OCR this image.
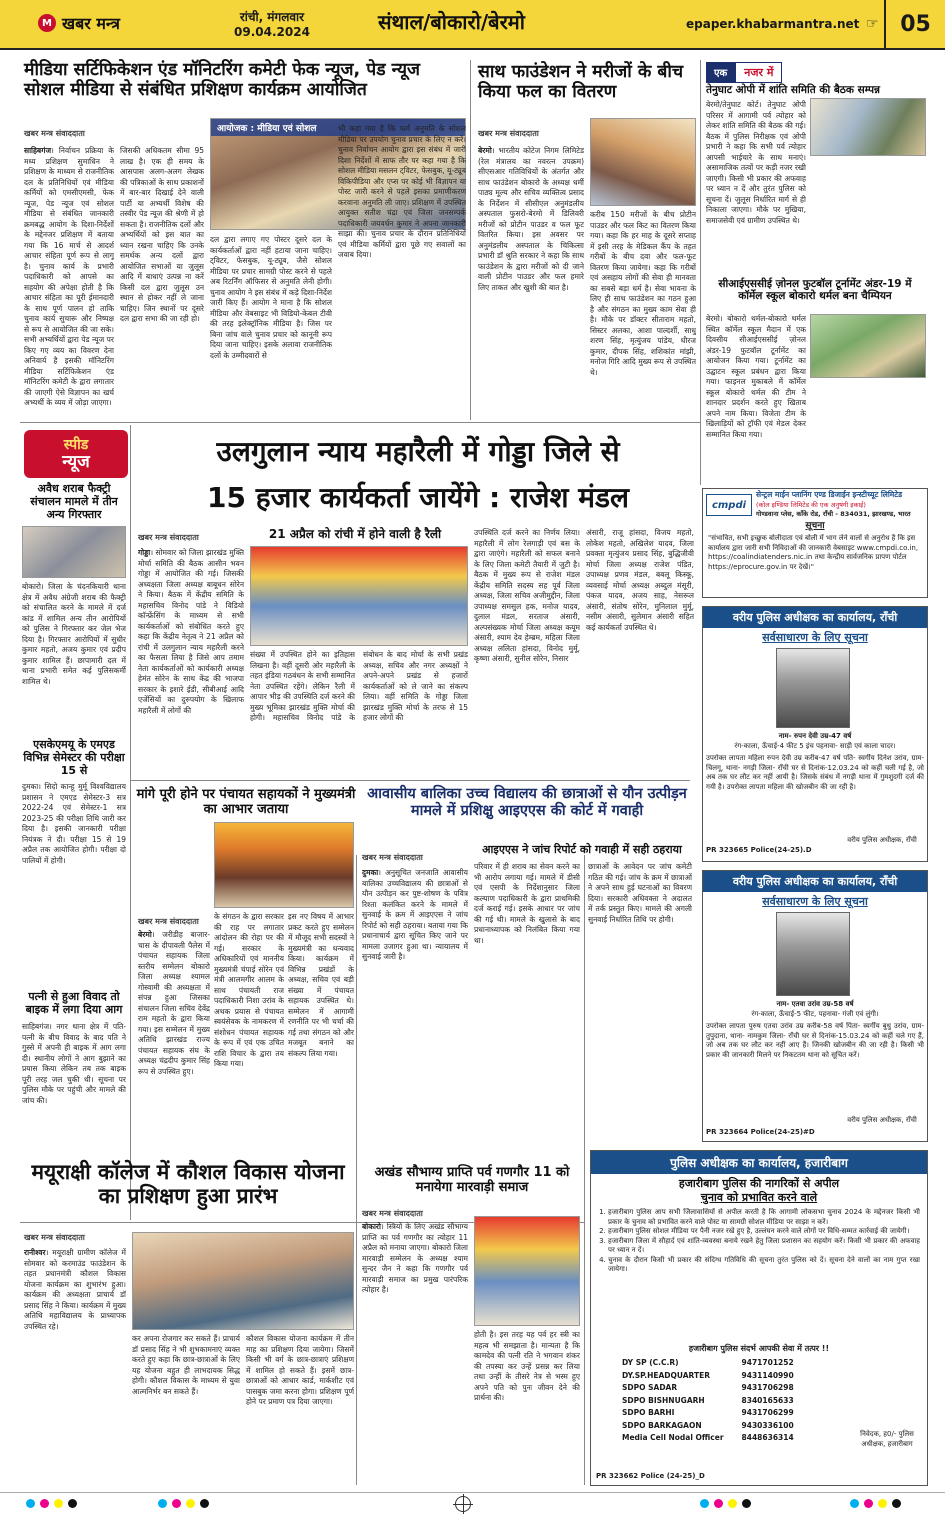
M खबर मन्त्र	रांची, मंगलवार
09.04.2024	संथाल/बोकारो/बेरमो	epaper.khabarmantra.net ☞ 05
मीडिया सर्टिफिकेशन एंड मॉनिटरिंग कमेटी फेक न्यूज, पेड न्यूज सोशल मीडिया से संबंधित प्रशिक्षण कार्यक्रम आयोजित
खबर मन्त्र संवाददाता	आयोजक : मीडिया एवं सोशल
साहिबगंज। निर्वाचन प्रक्रिया के मध्य प्रशिक्षण सुमाधिन ने प्रशिक्षण के माध्यम से राजनीतिक दल के प्रतिनिधियों एवं मीडिया कर्मियों को एमसीएमसी, फेक न्यूज, पेड न्यूज एवं सोशल मीडिया से संबंधित जानकारी क्रमबद्ध आयोग के दिशा-निर्देशों के मद्देनजर प्रशिक्षण में बताया गया कि 16 मार्च से आदर्श आचार संहिता पूर्ण रूप से लागू है। चुनाव कार्य के प्रभारी पदाधिकारी को आपसे का सहयोग की अपेक्षा होती है कि आचार संहिता का पूरी ईमानदारी के साथ पूर्ण पालन हो ताकि चुनाव कार्य सुचारू और निष्पक्ष से रूप से आयोजित की जा सके। सभी अभ्यर्थियों द्वारा पेड न्यूज पर किए गए व्यय का विवरण देना अनिवार्य है इसकी मॉनिटरिंग मीडिया सर्टिफिकेशन एंड मॉनिटरिंग कमेटी के द्वारा लगातार की जाएगी ऐसे विज्ञापन का खर्च अभ्यर्थी के व्यय में जोड़ा जाएगा।
जिसकी अधिकतम सीमा 95 लाख है। एक ही समय के आसपास अलग-अलग लेखक की पत्रिकाओं के साथ प्रकाशनों में बार-बार दिखाई देने वाली पार्टी या अभ्यर्थी विशेष की तस्वीर पेड न्यूज की श्रेणी में हो सकता है। राजनीतिक दलों और अभ्यर्थियों को इस बात का ध्यान रखना चाहिए कि उनके समर्थक अन्य दलों द्वारा आयोजित सभाओं या जुलूस आदि में बाधाएं उत्पन्न ना करें किसी दल द्वारा जुलूस उन स्थान से होकर नहीं ले जाना चाहिए। जिन स्थानों पर दूसरे दल द्वारा सभा की जा रही हो।
दल द्वारा लगाए गए पोस्टर दूसरे दल के कार्यकर्ताओं द्वारा नहीं हटाया जाना चाहिए। ट्विटर, फेसबुक, यू-ट्यूब, जैसे सोशल मीडिया पर प्रचार सामग्री पोस्ट करने से पहले अब रिटर्निंग ऑफिसर से अनुमति लेनी होगी। चुनाव आयोग ने इस संबंध में कड़े दिशा-निर्देश जारी किए हैं। आयोग ने माना है कि सोशल मीडिया और वेबसाइट भी विडियो-केबल टीवी की तरह इलेक्ट्रॉनिक मीडिया है। जिस पर बिना जांच वाले चुनाव प्रचार को कानूनी रूप दिया जाना चाहिए। इसके अलावा राजनीतिक दलों के उम्मीदवारों से
भी कहा गया है कि फर्म अनुमति के सोशल मीडिया पर उपयोग चुनाव प्रचार के लिए न करें। चुनाव निर्वाचन आयोग द्वारा इस संबंध में जारी दिशा निर्देशों में साफ तौर पर कहा गया है कि सोशल मीडिया मसलन ट्विटर, फेसबुक, यू-ट्यूब विकिपीडिया और एप्स पर कोई भी विज्ञापन या पोस्ट जारी करने से पहले इसका प्रमाणीकरण करवाना अनुमति ली जाए। प्रशिक्षण में उपस्थित आयुक्त सतीश चंद्रा एवं जिला जनसम्पर्क पदाधिकारी जयवर्धन कुमार ने अपना जानकारी साझा की। चुनाव प्रचार के दौरान प्रतिनिधियों एवं मीडिया कर्मियों द्वारा पूछे गए सवालों का जवाब दिया।
साथ फाउंडेशन ने मरीजों के बीच किया फल का वितरण
खबर मन्त्र संवाददाता
बेरमो। भारतीय कोटेज निगम लिमिटेड (रेल मंत्रालय का नवरत्न उपक्रम) सीएसआर गतिविधियों के अंतर्गत और साथ फाउंडेशन बोकारो के अध्यक्ष धर्मी पाठ्य मूल्य और सचिव व्यक्तित्व प्रसाद के निर्देशन में सीसीएल अनुमंडलीय अस्पताल फुसरो-बेरमो में डिलिवरी मरीजों को प्रोटीन पाउडर व फल फूट वितरित किया। इस अवसर पर अनुमंडलीय अस्पताल के चिकित्सा प्रभारी डॉ श्रुति सरकार ने कहा कि साथ फाउंडेशन के द्वारा मरीजों को दी जाने वाली प्रोटीन पाउडर और फल हमारे लिए ताकत और खुशी की बात है।
करीब 150 मरीजों के बीच प्रोटीन पाउडर और फल किट का वितरण किया गया। कहा कि हर माह के दूसरे सप्ताह में इसी तरह के मेडिकल कैंप के तहत गरीबों के बीच दवा और फल-फूट वितरण किया जायेगा। कहा कि गरीबों एवं असहाय लोगों की सेवा ही मानवता का सबसे बड़ा धर्म है। सेवा भावना के लिए ही साथ फाउंडेशन का गठन हुआ है और संगठन का मुख्य काम सेवा ही है। मौके पर डॉक्टर सीताराम महतो, सिस्टर अलका, आशा पाल्दर्शी, साधु शरण सिंह, मृत्युंजय पांडेय, धीरज कुमार, दीपक सिंह, शशिकांत मांझी, मनोज गिरि आदि मुख्य रूप से उपस्थित थे।
एक	नजर में
तेनुघाट ओपी में शांति समिति की बैठक सम्पन्न
बेरमो/तेनुघाट कोर्ट। तेनुघाट ओपी परिसर में आगामी पर्व त्योहार को लेकर शांति समिति की बैठक की गई। बैठक में पुलिस निरीक्षक एवं ओपी प्रभारी ने कहा कि सभी पर्व त्योहार आपसी भाईचारे के साथ मनाएं। असामाजिक तत्वों पर कड़ी नजर रखी जाएगी। किसी भी प्रकार की अफवाह पर ध्यान न दें और तुरंत पुलिस को सूचना दें। जुलूस निर्धारित मार्ग से ही निकाला जाएगा। मौके पर मुखिया, समाजसेवी एवं ग्रामीण उपस्थित थे।
सीआईएससीई ज़ोनल फुटबॉल टूर्नामेंट अंडर-19 में कॉर्मेल स्कूल बोकारो थर्मल बना चैम्पियन
बेरमो। बोकारो थर्मल-बोकारो थर्मल स्थित कॉर्मेल स्कूल मैदान में एक दिवसीय सीआईएससीई ज़ोनल अंडर-19 फुटबॉल टूर्नामेंट का आयोजन किया गया। टूर्नामेंट का उद्घाटन स्कूल प्रबंधन द्वारा किया गया। फाइनल मुकाबले में कॉर्मेल स्कूल बोकारो थर्मल की टीम ने शानदार प्रदर्शन करते हुए खिताब अपने नाम किया। विजेता टीम के खिलाड़ियों को ट्रॉफी एवं मेडल देकर सम्मानित किया गया।
स्पीड
न्यूज
अवैध शराब फैक्ट्री संचालन मामले में तीन अन्य गिरफ्तार
बोकारो। जिला के चंदनकियारी थाना क्षेत्र में अवैध अंग्रेजी शराब की फैक्ट्री को संचालित करने के मामले में दर्ज कांड में शामिल अन्य तीन आरोपियों को पुलिस ने गिरफ्तार कर जेल भेज दिया है। गिरफ्तार आरोपियों में सुधीर कुमार महतो, अजय कुमार एवं प्रदीप कुमार शामिल हैं। छापामारी दल में थाना प्रभारी समेत कई पुलिसकर्मी शामिल थे।
एसकेएमयू के एमएड विभिन्न सेमेस्टर की परीक्षा 15 से
दुमका। सिदो कान्हू मुर्मू विश्वविद्यालय प्रशासन ने एमएड सेमेस्टर-3 सत्र 2022-24 एवं सेमेस्टर-1 सत्र 2023-25 की परीक्षा तिथि जारी कर दिया है। इसकी जानकारी परीक्षा नियंत्रक ने दी। परीक्षा 15 से 19 अप्रैल तक आयोजित होगी। परीक्षा दो पालियों में होगी।
पत्नी से हुआ विवाद तो बाइक में लगा दिया आग
साहिबगंज। नगर थाना क्षेत्र में पति-पत्नी के बीच विवाद के बाद पति ने गुस्से में अपनी ही बाइक में आग लगा दी। स्थानीय लोगों ने आग बुझाने का प्रयास किया लेकिन तब तक बाइक पूरी तरह जल चुकी थी। सूचना पर पुलिस मौके पर पहुंची और मामले की जांच की।
उलगुलान न्याय महारैली में गोड्डा जिले से
15 हजार कार्यकर्ता जायेंगे : राजेश मंडल
खबर मन्त्र संवाददाता	21 अप्रैल को रांची में होने वाली है रैली
गोड्डा। सोमवार को जिला झारखंड मुक्ति मोर्चा समिति की बैठक आसीन भवन गोड्डा में आयोजित की गई। जिसकी अध्यक्षता जिला अध्यक्ष बाबूधन सोरेन ने किया। बैठक में केंद्रीय समिति के महासचिव विनोद पांडे ने विडियो कॉन्फ्रेंसिंग के माध्यम से सभी कार्यकर्ताओं को संबोधित करते हुए कहा कि केंद्रीय नेतृत्व ने 21 अप्रैल को रांची में उलगुलान न्याय महारैली करने का फैसला लिया है जिसे आप तमाम नेता कार्यकर्ताओं को कार्यकारी अध्यक्ष हेमंत सोरेन के साथ केंद्र की भाजपा सरकार के इशारे ईडी, सीबीआई आदि एजेंसियों का दुरुपयोग के खिलाफ महारैली में लोगों की
संख्या में उपस्थित होने का इतिहास लिखना है। वहीं दूसरी ओर महारैली के तहत इंडिया गठबंधन के सभी सम्मानित नेता उपस्थित रहेंगे। लेकिन रैली में आपार भीड़ की उपस्थिति दर्ज करने की मुख्य भूमिका झारखंड मुक्ति मोर्चा की होगी। महासचिव विनोद पांडे के संबोधन के बाद मोर्चा के सभी प्रखंड अध्यक्ष, सचिव और नगर अध्यक्षों ने अपने-अपने प्रखंड से हजारों कार्यकर्ताओं को ले जाने का संकल्प लिया। वहीं समिति के गोड्डा जिला झारखंड मुक्ति मोर्चा के तरफ से 15 हजार लोगों की
उपस्थिति दर्ज करने का निर्णय लिया। महारैली में लोग रेलगाड़ी एवं बस के द्वारा जाएंगे। महारैली को सफल बनाने के लिए जिला कमेटी तैयारी में जुटी है। बैठक में मुख्य रूप से राजेश मंडल केंद्रीय समिति सदस्य सह पूर्व जिला अध्यक्ष, जिला सचिव अजीमुद्दीन, जिला उपाध्यक्ष समसुल हक, मनोज यादव, दुलाल मंडल, सरताज अंसारी, अल्पसंख्यक मोर्चा जिला अध्यक्ष कयूम अंसारी, श्याम देव हेम्ब्रम, महिला जिला अध्यक्ष ललिता हांसदा, विनोद मुर्मू, कृष्णा अंसारी, सुनील सोरेन, निसार
अंसारी, राजू हांसदा, विजय महतो, लोकेश महतो, अखिलेश यादव, जिला प्रवक्ता मृत्युंजय प्रसाद सिंह, बुद्धिजीवी मोर्चा जिला अध्यक्ष राजेश पंडित, उपाध्यक्ष प्रणव मंडल, बबलू किस्कू, व्यवसाई मोर्चा अध्यक्ष अब्दुल मंसूरी, पंकज यादव, अजय साह, नेसरूल अंसारी, संतोष सोरेन, मुनिलाल मुर्मू, नसीम अंसारी, सुलेमान अंसारी सहित कई कार्यकर्ता उपस्थित थे।
मांगे पूरी होने पर पंचायत सहायकों ने मुख्यमंत्री का आभार जताया
खबर मन्त्र संवाददाता
बेरमो। जरीडीह बाजार-चास के दीपावली पैलेस में पंचायत सहायक जिला स्तरीय सम्मेलन बोकारो जिला अध्यक्ष श्यामल गोस्वामी की अध्यक्षता में संपन्न हुआ जिसका संचालन जिला सचिव देवेंद्र राम महतो के द्वारा किया गया। इस सम्मेलन में मुख्य अतिथि झारखंड राज्य पंचायत सहायक संघ के अध्यक्ष चंद्रदीप कुमार सिंह रूप से उपस्थित हुए।
के संगठन के द्वारा सरकार की राह पर लगातार आंदोलन की रोहा पर की गई। सरकार के अधिकारियों एवं माननीय मुख्यमंत्री चंपाई सोरेन एवं मंत्री आलमगीर आलम के साथ पंचायती राज पदाधिकारी निशा उरांव के अथक प्रयास से पंचायत स्वयंसेवक के नामकरण में संशोधन पंचायत सहायक के रूप में एवं एक उचित राशि विचार के द्वारा तय किया गया।
इस नए विषय में आभार प्रकट करते हुए सम्मेलन में मौजूद सभी सदस्यों ने मुख्यमंत्री का धन्यवाद किया। कार्यक्रम में विभिन्न प्रखंडों के अध्यक्ष, सचिव एवं बड़ी संख्या में पंचायत सहायक उपस्थित थे। सम्मेलन में आगामी रणनीति पर भी चर्चा की गई तथा संगठन को और मजबूत बनाने का संकल्प लिया गया।
आवासीय बालिका उच्च विद्यालय की छात्राओं से यौन उत्पीड़न मामले में प्रशिक्षु आइएएस की कोर्ट में गवाही
आइएएस ने जांच रिपोर्ट को गवाही में सही ठहराया
खबर मन्त्र संवाददाता
दुमका। अनुसूचित जनजाति आवासीय बालिका उच्चविद्यालय की छात्राओं से यौन उत्पीड़न कर पुष्ट-शोषण के पवित्र रिश्ता कलंकित करने के मामले में सुनवाई के क्रम में आइएएस ने जांच रिपोर्ट को सही ठहराया। बताया गया कि प्रधानाचार्य द्वारा सूचित किए जाने पर मामला उजागर हुआ था। न्यायालय में सुनवाई जारी है।
परिवार में ही शराब का सेवन करने का भी आरोप लगाया गई। मामले में डीसी एवं एसपी के निर्देशानुसार जिला कल्याण पदाधिकारी के द्वारा प्राथमिकी दर्ज कराई गई। इसके आधार पर जांच की गई थी। मामले के खुलासे के बाद प्रधानाध्यापक को निलंबित किया गया था।
छात्राओं के आवेदन पर जांच कमेटी गठित की गई। जांच के क्रम में छात्राओं ने अपने साथ हुई घटनाओं का विवरण दिया। सरकारी अधिवक्ता ने अदालत में तर्क प्रस्तुत किए। मामले की अगली सुनवाई निर्धारित तिथि पर होगी।
मयूराक्षी कॉलेज में कौशल विकास योजना का प्रशिक्षण हुआ प्रारंभ
खबर मन्त्र संवाददाता
रानीश्वर। मयूराक्षी ग्रामीण कॉलेज में सोमवार को करमाउंड फाउंडेशन के तहत प्रधानमंत्री कौशल विकास योजना कार्यक्रम का शुभारंभ हुआ। कार्यक्रम की अध्यक्षता प्राचार्य डॉ प्रसाद सिंह ने किया। कार्यक्रम में मुख्य अतिथि महाविद्यालय के प्राध्यापक उपस्थित रहे।
कर अपना रोजगार कर सकते हैं। प्राचार्य डॉ प्रसाद सिंह ने भी शुभकामनाएं व्यक्त करते हुए कहा कि छात्र-छात्राओं के लिए यह योजना बहुत ही लाभदायक सिद्ध होगी। कौशल विकास के माध्यम से युवा आत्मनिर्भर बन सकते हैं।
कौशल विकास योजना कार्यक्रम में तीन माह का प्रशिक्षण दिया जायेगा। जिसमें किसी भी वर्ग के छात्र-छात्राएं प्रशिक्षण में शामिल हो सकते हैं। इसमें छात्र-छात्राओं को आधार कार्ड, मार्कशीट एवं पासबुक जमा करना होगा। प्रशिक्षण पूर्ण होने पर प्रमाण पत्र दिया जाएगा।
अखंड सौभाग्य प्राप्ति पर्व गणगौर 11 को मनायेगा मारवाड़ी समाज
खबर मन्त्र संवाददाता
बोकारो। स्त्रियों के लिए अखंड सौभाग्य प्राप्ति का पर्व गणगौर का त्योहार 11 अप्रैल को मनाया जाएगा। बोकारो जिला मारवाड़ी सम्मेलन के अध्यक्ष श्याम सुन्दर जैन ने कहा कि गणगौर पर्व मारवाड़ी समाज का प्रमुख पारंपरिक त्योहार है।
होती है। इस तरह यह पर्व हर स्त्री का महत्व भी समझाता है। मान्यता है कि कामदेव की पत्नी रति ने भगवान शंकर की तपस्या कर उन्हें प्रसन्न कर लिया तथा उन्हीं के तीसरे नेत्र से भस्म हुए अपने पति को पुनः जीवन देने की प्रार्थना की।
cmpdi
सेन्ट्रल माईन प्लानिंग एण्ड डिजाईन इन्स्टीच्यूट लिमिटेड
(कोल इण्डिया लिमिटेड की एक अनुषंगी इकाई)
गोण्डवाना प्लेस, काँके रोड, राँची - 834031, झारखण्ड, भारत
सूचना
"संभावित, सभी इच्छुक बोलीदाता एवं बोली में भाग लेने वालों से अनुरोध है कि इस कार्यालय द्वारा जारी सभी निविदाओं की जानकारी वेबसाइट www.cmpdi.co.in, https://coalindiatenders.nic.in तथा केन्द्रीय सार्वजनिक प्रापण पोर्टल https://eprocure.gov.in पर देखें।"
वरीय पुलिस अधीक्षक का कार्यालय, राँची
सर्वसाधारण के लिए सूचना
नाम- रुपन देवी उम्र-47 वर्ष
रंग-काला, ऊँचाई-4 फीट 5 इंच पहनावा- साड़ी एवं काला चादर।
उपरोक्त लापता महिला रुपन देवी उम्र करीब-47 वर्ष पति- स्वर्गीय दिनेश उरांव, ग्राम- चिलगू, थाना- नगड़ी जिला- राँची घर से दिनांक-12.03.24 को कहीं चली गई है, जो अब तक घर लौट कर नहीं आयी है। जिसके संबंध में नगड़ी थाना में गुमशुदगी दर्ज की गयी है। उपरोक्त लापता महिला की खोजबीन की जा रही है।
PR 323665 Police(24-25).D
वरीय पुलिस अधीक्षक, राँची
वरीय पुलिस अधीक्षक का कार्यालय, राँची
सर्वसाधारण के लिए सूचना
नाम- एतवा उरांव उम्र-58 वर्ष
रंग-काला, ऊँचाई-5 फीट, पहनावा- गंजी एवं लुंगी।
उपरोक्त लापता पुरुष एतवा उरांव उम्र करीब-58 वर्ष पिता- स्वर्गीय बुधु उरांव, ग्राम- तुपुदाना, थाना- नामकुम जिला- राँची घर से दिनांक-15.03.24 को कहीं चले गए हैं, जो अब तक घर लौट कर नहीं आए हैं। जिनकी खोजबीन की जा रही है। किसी भी प्रकार की जानकारी मिलने पर निकटतम थाना को सूचित करें।
PR 323664 Police(24-25)#D
वरीय पुलिस अधीक्षक, राँची
पुलिस अधीक्षक का कार्यालय, हजारीबाग
हजारीबाग पुलिस की नागरिकों से अपील
चुनाव को प्रभावित करने वाले
1. हजारीबाग पुलिस आप सभी जिलावासियों से अपील करती है कि आगामी लोकसभा चुनाव 2024 के मद्देनजर किसी भी प्रकार के चुनाव को प्रभावित करने वाले पोस्ट या सामग्री सोशल मीडिया पर साझा न करें।
2. हजारीबाग पुलिस सोशल मीडिया पर पैनी नजर रखे हुए है, उल्लंघन करने वाले लोगों पर विधि-सम्मत कार्रवाई की जायेगी।
3. हजारीबाग जिला में सौहार्द एवं शांति-व्यवस्था बनाये रखने हेतु जिला प्रशासन का सहयोग करें। किसी भी प्रकार की अफवाह पर ध्यान न दें।
4. चुनाव के दौरान किसी भी प्रकार की संदिग्ध गतिविधि की सूचना तुरंत पुलिस को दें। सूचना देने वालों का नाम गुप्त रखा जायेगा।
हजारीबाग पुलिस संदर्भ आपकी सेवा में तत्पर !!
DY SP (C.C.R)	9471701252
DY.SP.HEADQUARTER	9431140990
SDPO SADAR	9431706298
SDPO BISHNUGARH	8340165633
SDPO BARHI	9431706299
SDPO BARKAGAON	9430336100
Media Cell Nodal Officer	8448636314	निवेदक, ह0/- पुलिस अधीक्षक, हजारीबाग
PR 323662 Police (24-25)_D
